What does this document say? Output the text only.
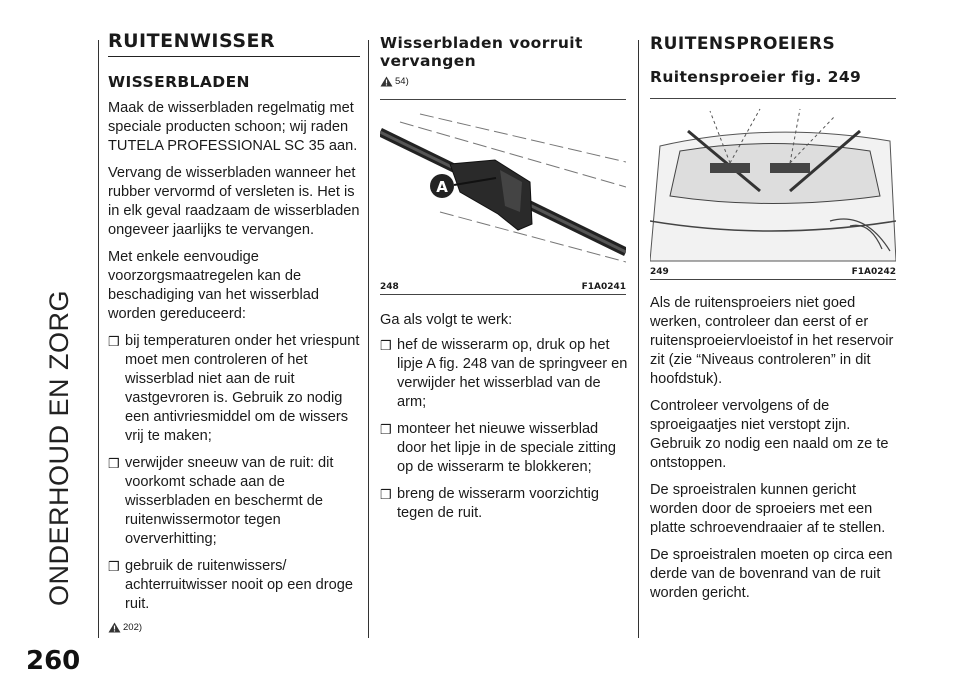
ONDERHOUD EN ZORG
260
RUITENWISSER
WISSERBLADEN

Maak de wisserbladen regelmatig met speciale producten schoon; wij raden TUTELA PROFESSIONAL SC 35 aan.

Vervang de wisserbladen wanneer het rubber vervormd of versleten is. Het is in elk geval raadzaam de wisserbladen ongeveer jaarlijks te vervangen.

Met enkele eenvoudige voorzorgsmaatregelen kan de beschadiging van het wisserblad worden gereduceerd:

❒ bij temperaturen onder het vriespunt moet men controleren of het wisserblad niet aan de ruit vastgevroren is. Gebruik zo nodig een antivriesmiddel om de wissers vrij te maken;
❒ verwijder sneeuw van de ruit: dit voorkomt schade aan de wisserbladen en beschermt de ruitenwissermotor tegen oververhitting;
❒ gebruik de ruitenwissers/ achterruitwisser nooit op een droge ruit.
202)
Wisserbladen voorruit vervangen
54)
A
248	F1A0241

Ga als volgt te werk:

❒ hef de wisserarm op, druk op het lipje A fig. 248 van de springveer en verwijder het wisserblad van de arm;
❒ monteer het nieuwe wisserblad door het lipje in de speciale zitting op de wisserarm te blokkeren;
❒ breng de wisserarm voorzichtig tegen de ruit.
RUITENSPROEIERS
Ruitensproeier fig. 249
249	F1A0242

Als de ruitensproeiers niet goed werken, controleer dan eerst of er ruitensproeiervloeistof in het reservoir zit (zie “Niveaus controleren” in dit hoofdstuk).

Controleer vervolgens of de sproeigaatjes niet verstopt zijn. Gebruik zo nodig een naald om ze te ontstoppen.

De sproeistralen kunnen gericht worden door de sproeiers met een platte schroevendraaier af te stellen.

De sproeistralen moeten op circa een derde van de bovenrand van de ruit worden gericht.
